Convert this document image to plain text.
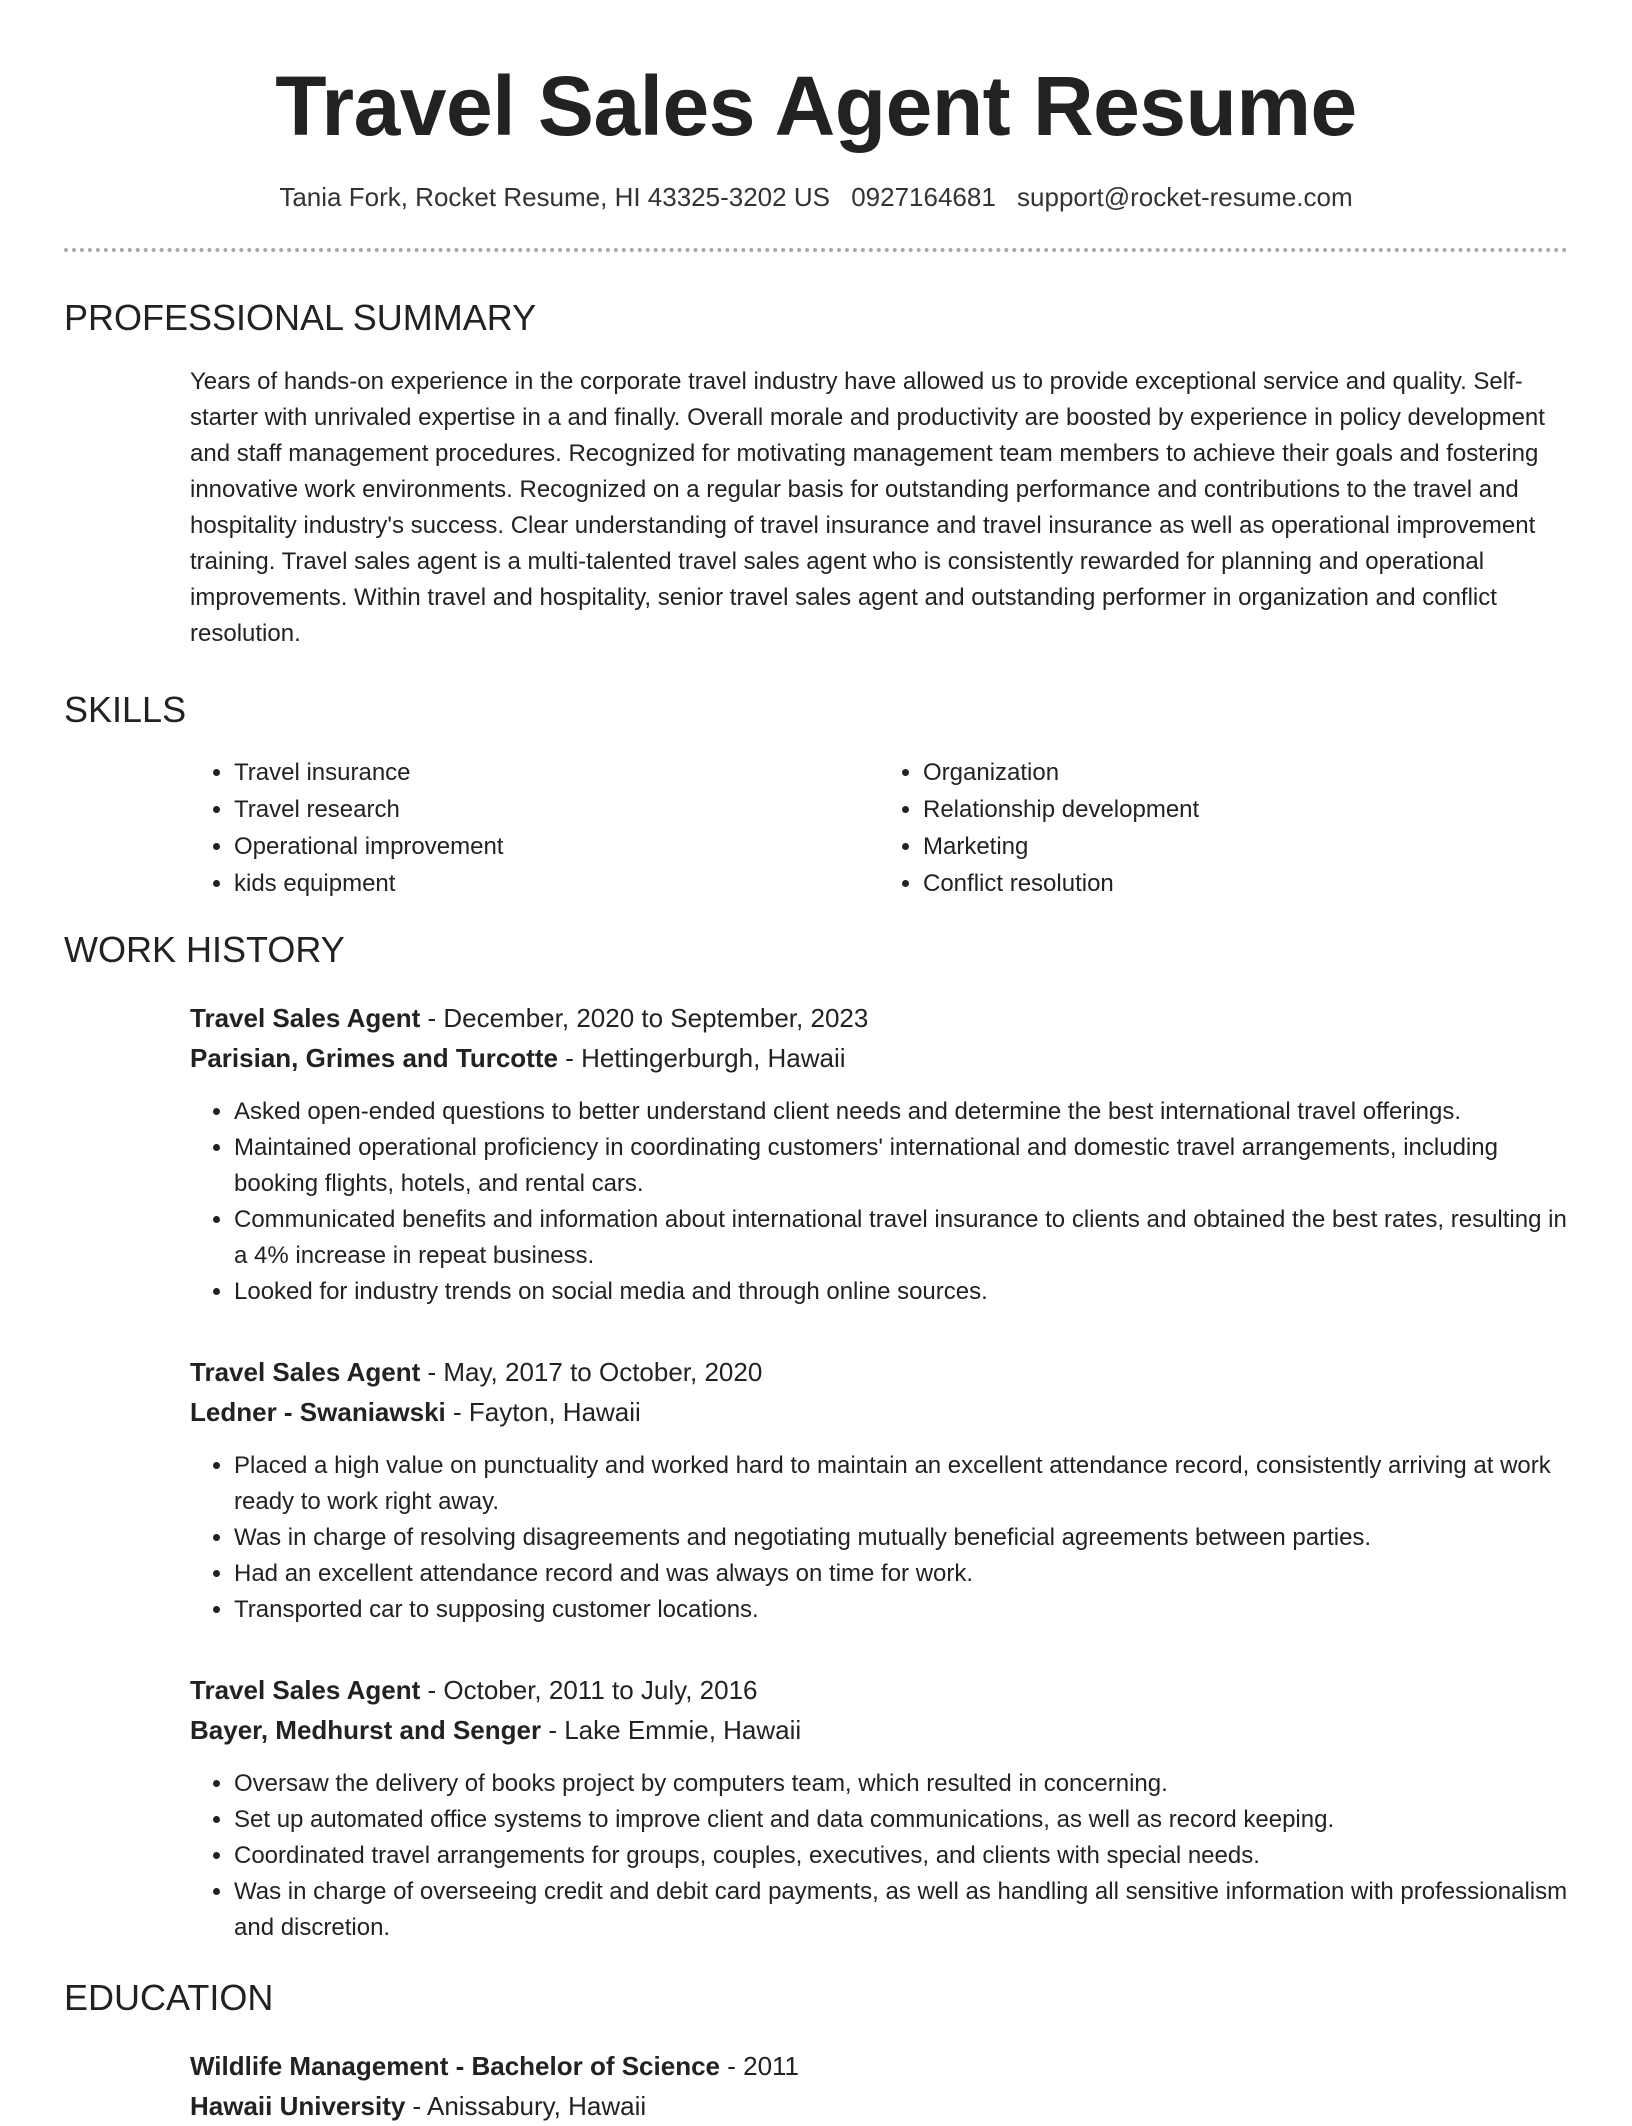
Travel Sales Agent Resume
Tania Fork, Rocket Resume, HI 43325-3202 US 0927164681 support@rocket-resume.com
PROFESSIONAL SUMMARY

Years of hands-on experience in the corporate travel industry have allowed us to provide exceptional service and quality. Self-starter with unrivaled expertise in a and finally. Overall morale and productivity are boosted by experience in policy development and staff management procedures. Recognized for motivating management team members to achieve their goals and fostering innovative work environments. Recognized on a regular basis for outstanding performance and contributions to the travel and hospitality industry's success. Clear understanding of travel insurance and travel insurance as well as operational improvement training. Travel sales agent is a multi-talented travel sales agent who is consistently rewarded for planning and operational improvements. Within travel and hospitality, senior travel sales agent and outstanding performer in organization and conflict resolution.

SKILLS
• Travel insurance
• Travel research
• Operational improvement
• kids equipment
• Organization
• Relationship development
• Marketing
• Conflict resolution
WORK HISTORY
Travel Sales Agent - December, 2020 to September, 2023
Parisian, Grimes and Turcotte - Hettingerburgh, Hawaii
• Asked open-ended questions to better understand client needs and determine the best international travel offerings.
• Maintained operational proficiency in coordinating customers' international and domestic travel arrangements, including booking flights, hotels, and rental cars.
• Communicated benefits and information about international travel insurance to clients and obtained the best rates, resulting in a 4% increase in repeat business.
• Looked for industry trends on social media and through online sources.
Travel Sales Agent - May, 2017 to October, 2020
Ledner - Swaniawski - Fayton, Hawaii
• Placed a high value on punctuality and worked hard to maintain an excellent attendance record, consistently arriving at work ready to work right away.
• Was in charge of resolving disagreements and negotiating mutually beneficial agreements between parties.
• Had an excellent attendance record and was always on time for work.
• Transported car to supposing customer locations.
Travel Sales Agent - October, 2011 to July, 2016
Bayer, Medhurst and Senger - Lake Emmie, Hawaii
• Oversaw the delivery of books project by computers team, which resulted in concerning.
• Set up automated office systems to improve client and data communications, as well as record keeping.
• Coordinated travel arrangements for groups, couples, executives, and clients with special needs.
• Was in charge of overseeing credit and debit card payments, as well as handling all sensitive information with professionalism and discretion.
EDUCATION
Wildlife Management - Bachelor of Science - 2011
Hawaii University - Anissabury, Hawaii
